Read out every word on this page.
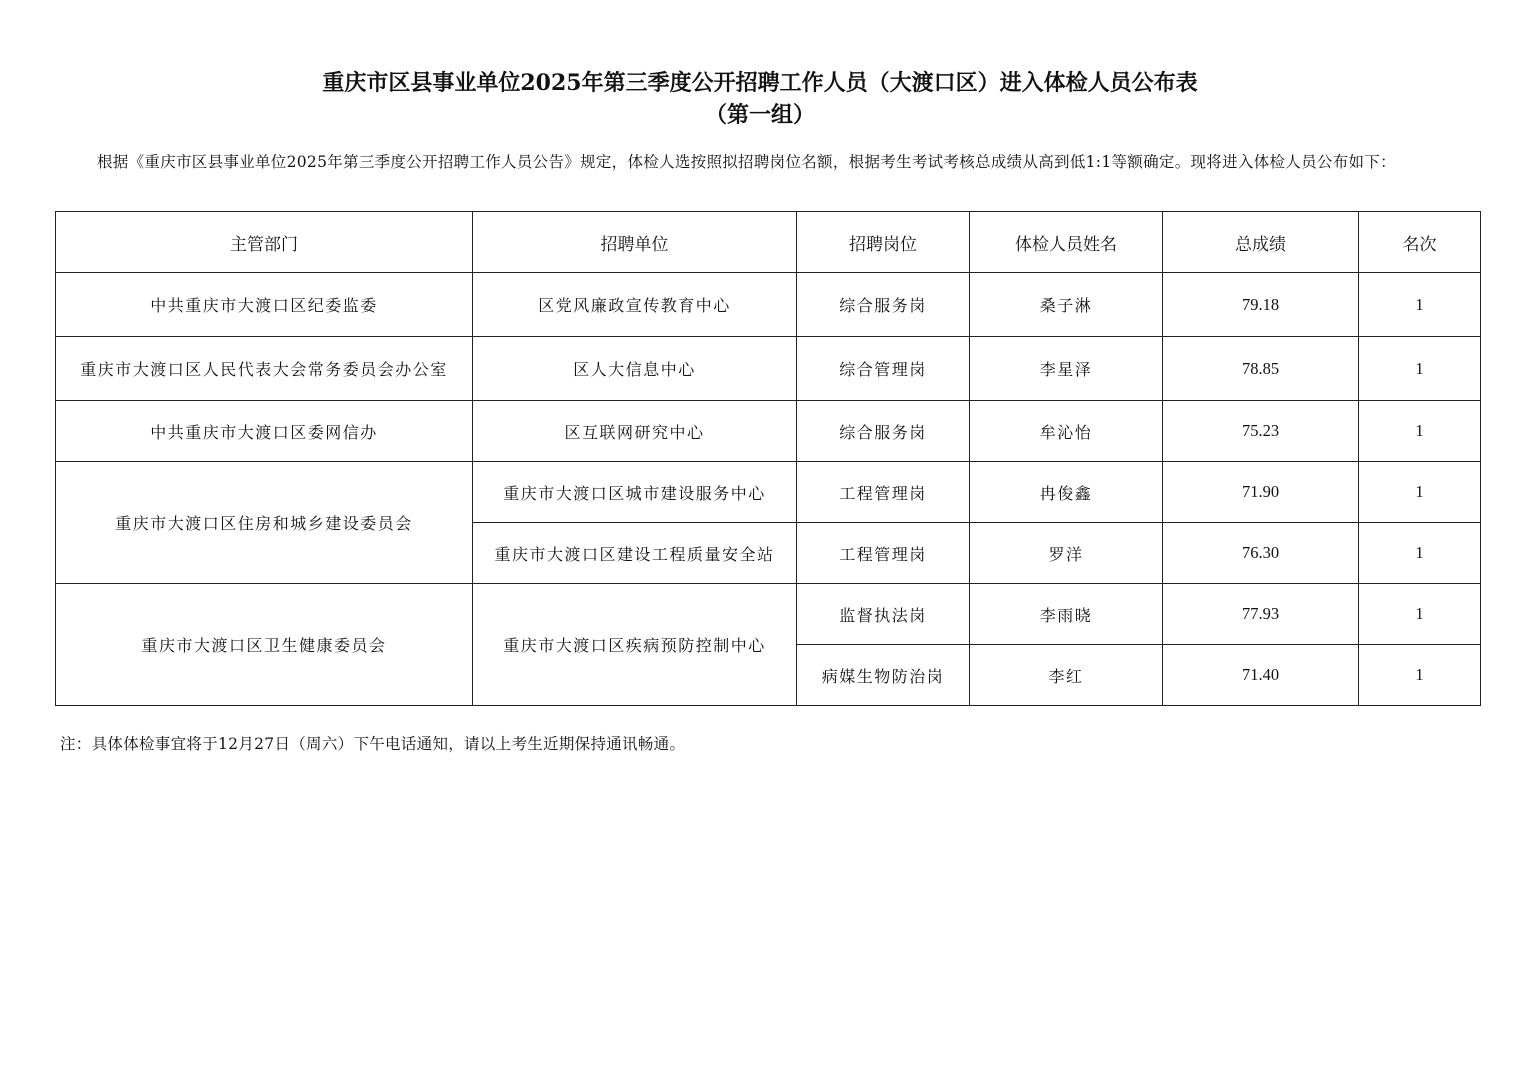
重庆市区县事业单位2025年第三季度公开招聘工作人员（大渡口区）进入体检人员公布表
（第一组）
根据《重庆市区县事业单位2025年第三季度公开招聘工作人员公告》规定，体检人选按照拟招聘岗位名额，根据考生考试考核总成绩从高到低1:1等额确定。现将进入体检人员公布如下：
主管部门	招聘单位	招聘岗位	体检人员姓名	总成绩	名次
中共重庆市大渡口区纪委监委	区党风廉政宣传教育中心	综合服务岗	桑子淋	79.18	1
重庆市大渡口区人民代表大会常务委员会办公室	区人大信息中心	综合管理岗	李星泽	78.85	1
中共重庆市大渡口区委网信办	区互联网研究中心	综合服务岗	牟沁怡	75.23	1
重庆市大渡口区住房和城乡建设委员会	重庆市大渡口区城市建设服务中心	工程管理岗	冉俊鑫	71.90	1
	重庆市大渡口区建设工程质量安全站	工程管理岗	罗洋	76.30	1
重庆市大渡口区卫生健康委员会	重庆市大渡口区疾病预防控制中心	监督执法岗	李雨晓	77.93	1
		病媒生物防治岗	李红	71.40	1
注：具体体检事宜将于12月27日（周六）下午电话通知，请以上考生近期保持通讯畅通。
